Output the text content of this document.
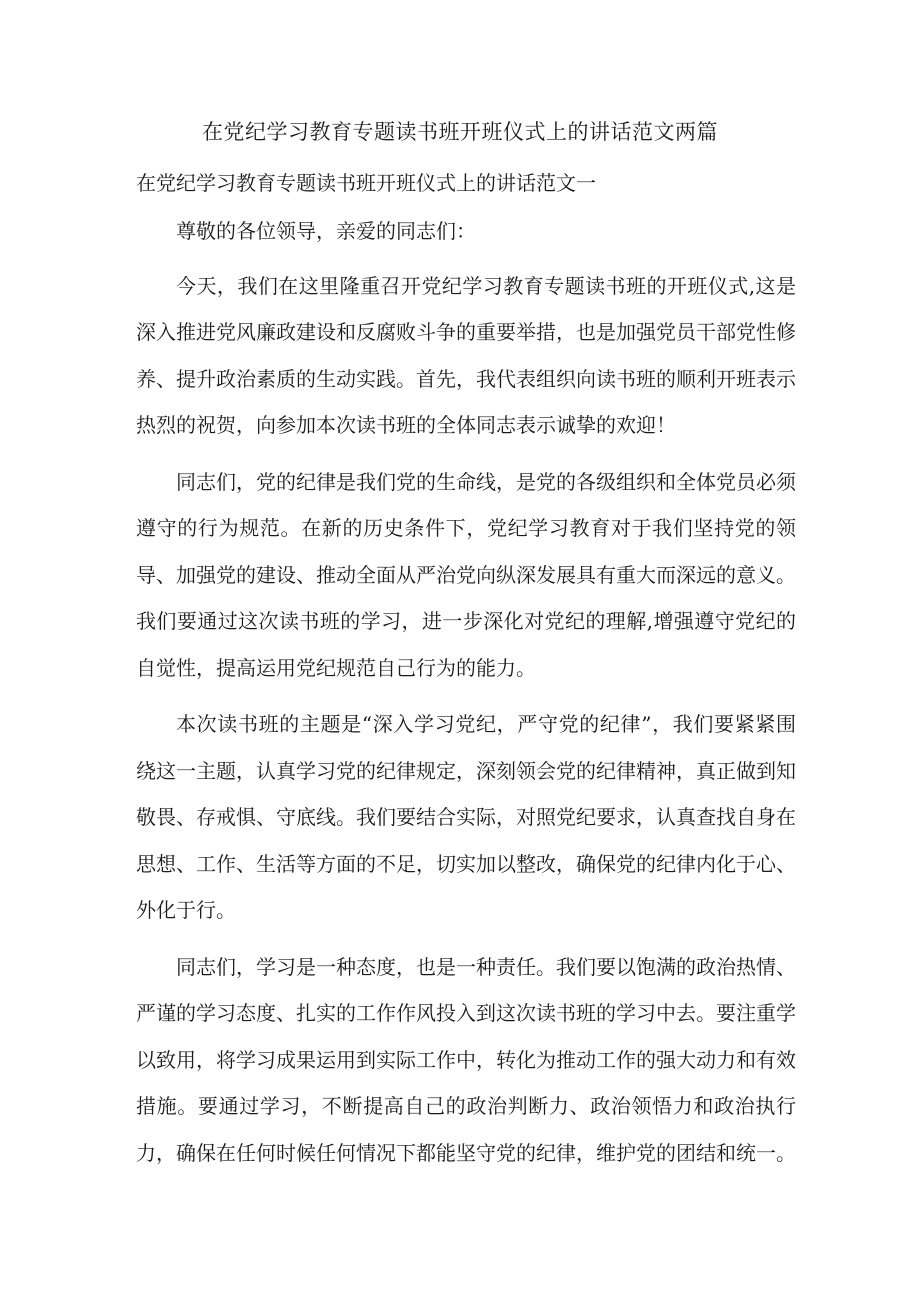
在党纪学习教育专题读书班开班仪式上的讲话范文两篇
在党纪学习教育专题读书班开班仪式上的讲话范文一

尊敬的各位领导，亲爱的同志们：

今天，我们在这里隆重召开党纪学习教育专题读书班的开班仪式,这是深入推进党风廉政建设和反腐败斗争的重要举措，也是加强党员干部党性修养、提升政治素质的生动实践。首先，我代表组织向读书班的顺利开班表示热烈的祝贺，向参加本次读书班的全体同志表示诚挚的欢迎！

同志们，党的纪律是我们党的生命线，是党的各级组织和全体党员必须遵守的行为规范。在新的历史条件下，党纪学习教育对于我们坚持党的领导、加强党的建设、推动全面从严治党向纵深发展具有重大而深远的意义。我们要通过这次读书班的学习，进一步深化对党纪的理解,增强遵守党纪的自觉性，提高运用党纪规范自己行为的能力。

本次读书班的主题是“深入学习党纪，严守党的纪律”，我们要紧紧围绕这一主题，认真学习党的纪律规定，深刻领会党的纪律精神，真正做到知敬畏、存戒惧、守底线。我们要结合实际，对照党纪要求，认真查找自身在思想、工作、生活等方面的不足，切实加以整改，确保党的纪律内化于心、外化于行。

同志们，学习是一种态度，也是一种责任。我们要以饱满的政治热情、严谨的学习态度、扎实的工作作风投入到这次读书班的学习中去。要注重学以致用，将学习成果运用到实际工作中，转化为推动工作的强大动力和有效措施。要通过学习，不断提高自己的政治判断力、政治领悟力和政治执行力，确保在任何时候任何情况下都能坚守党的纪律，维护党的团结和统一。
